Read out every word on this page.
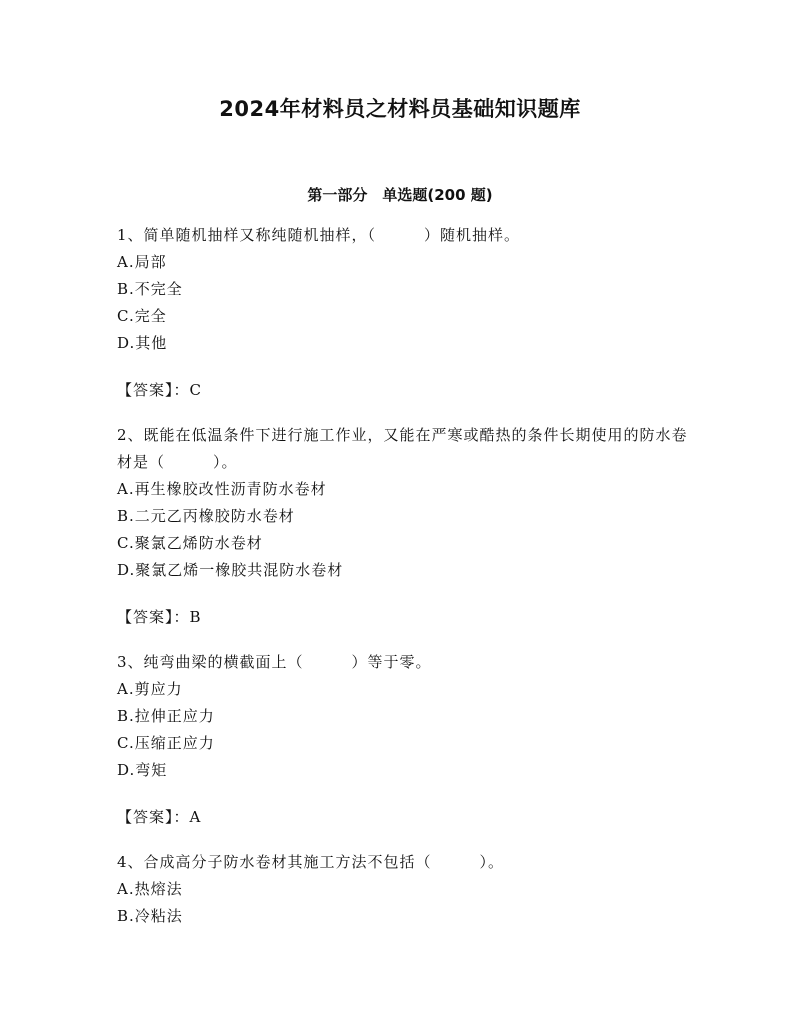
2024年材料员之材料员基础知识题库
第一部分　单选题(200 题)

1、简单随机抽样又称纯随机抽样，（	）随机抽样。

A.局部

B.不完全

C.完全

D.其他

【答案】：C

2、既能在低温条件下进行施工作业，又能在严寒或酷热的条件长期使用的防水卷材是（	）。

A.再生橡胶改性沥青防水卷材

B.二元乙丙橡胶防水卷材

C.聚氯乙烯防水卷材

D.聚氯乙烯一橡胶共混防水卷材

【答案】：B

3、纯弯曲梁的横截面上（	）等于零。

A.剪应力

B.拉伸正应力

C.压缩正应力

D.弯矩

【答案】：A

4、合成高分子防水卷材其施工方法不包括（	）。

A.热熔法

B.冷粘法
